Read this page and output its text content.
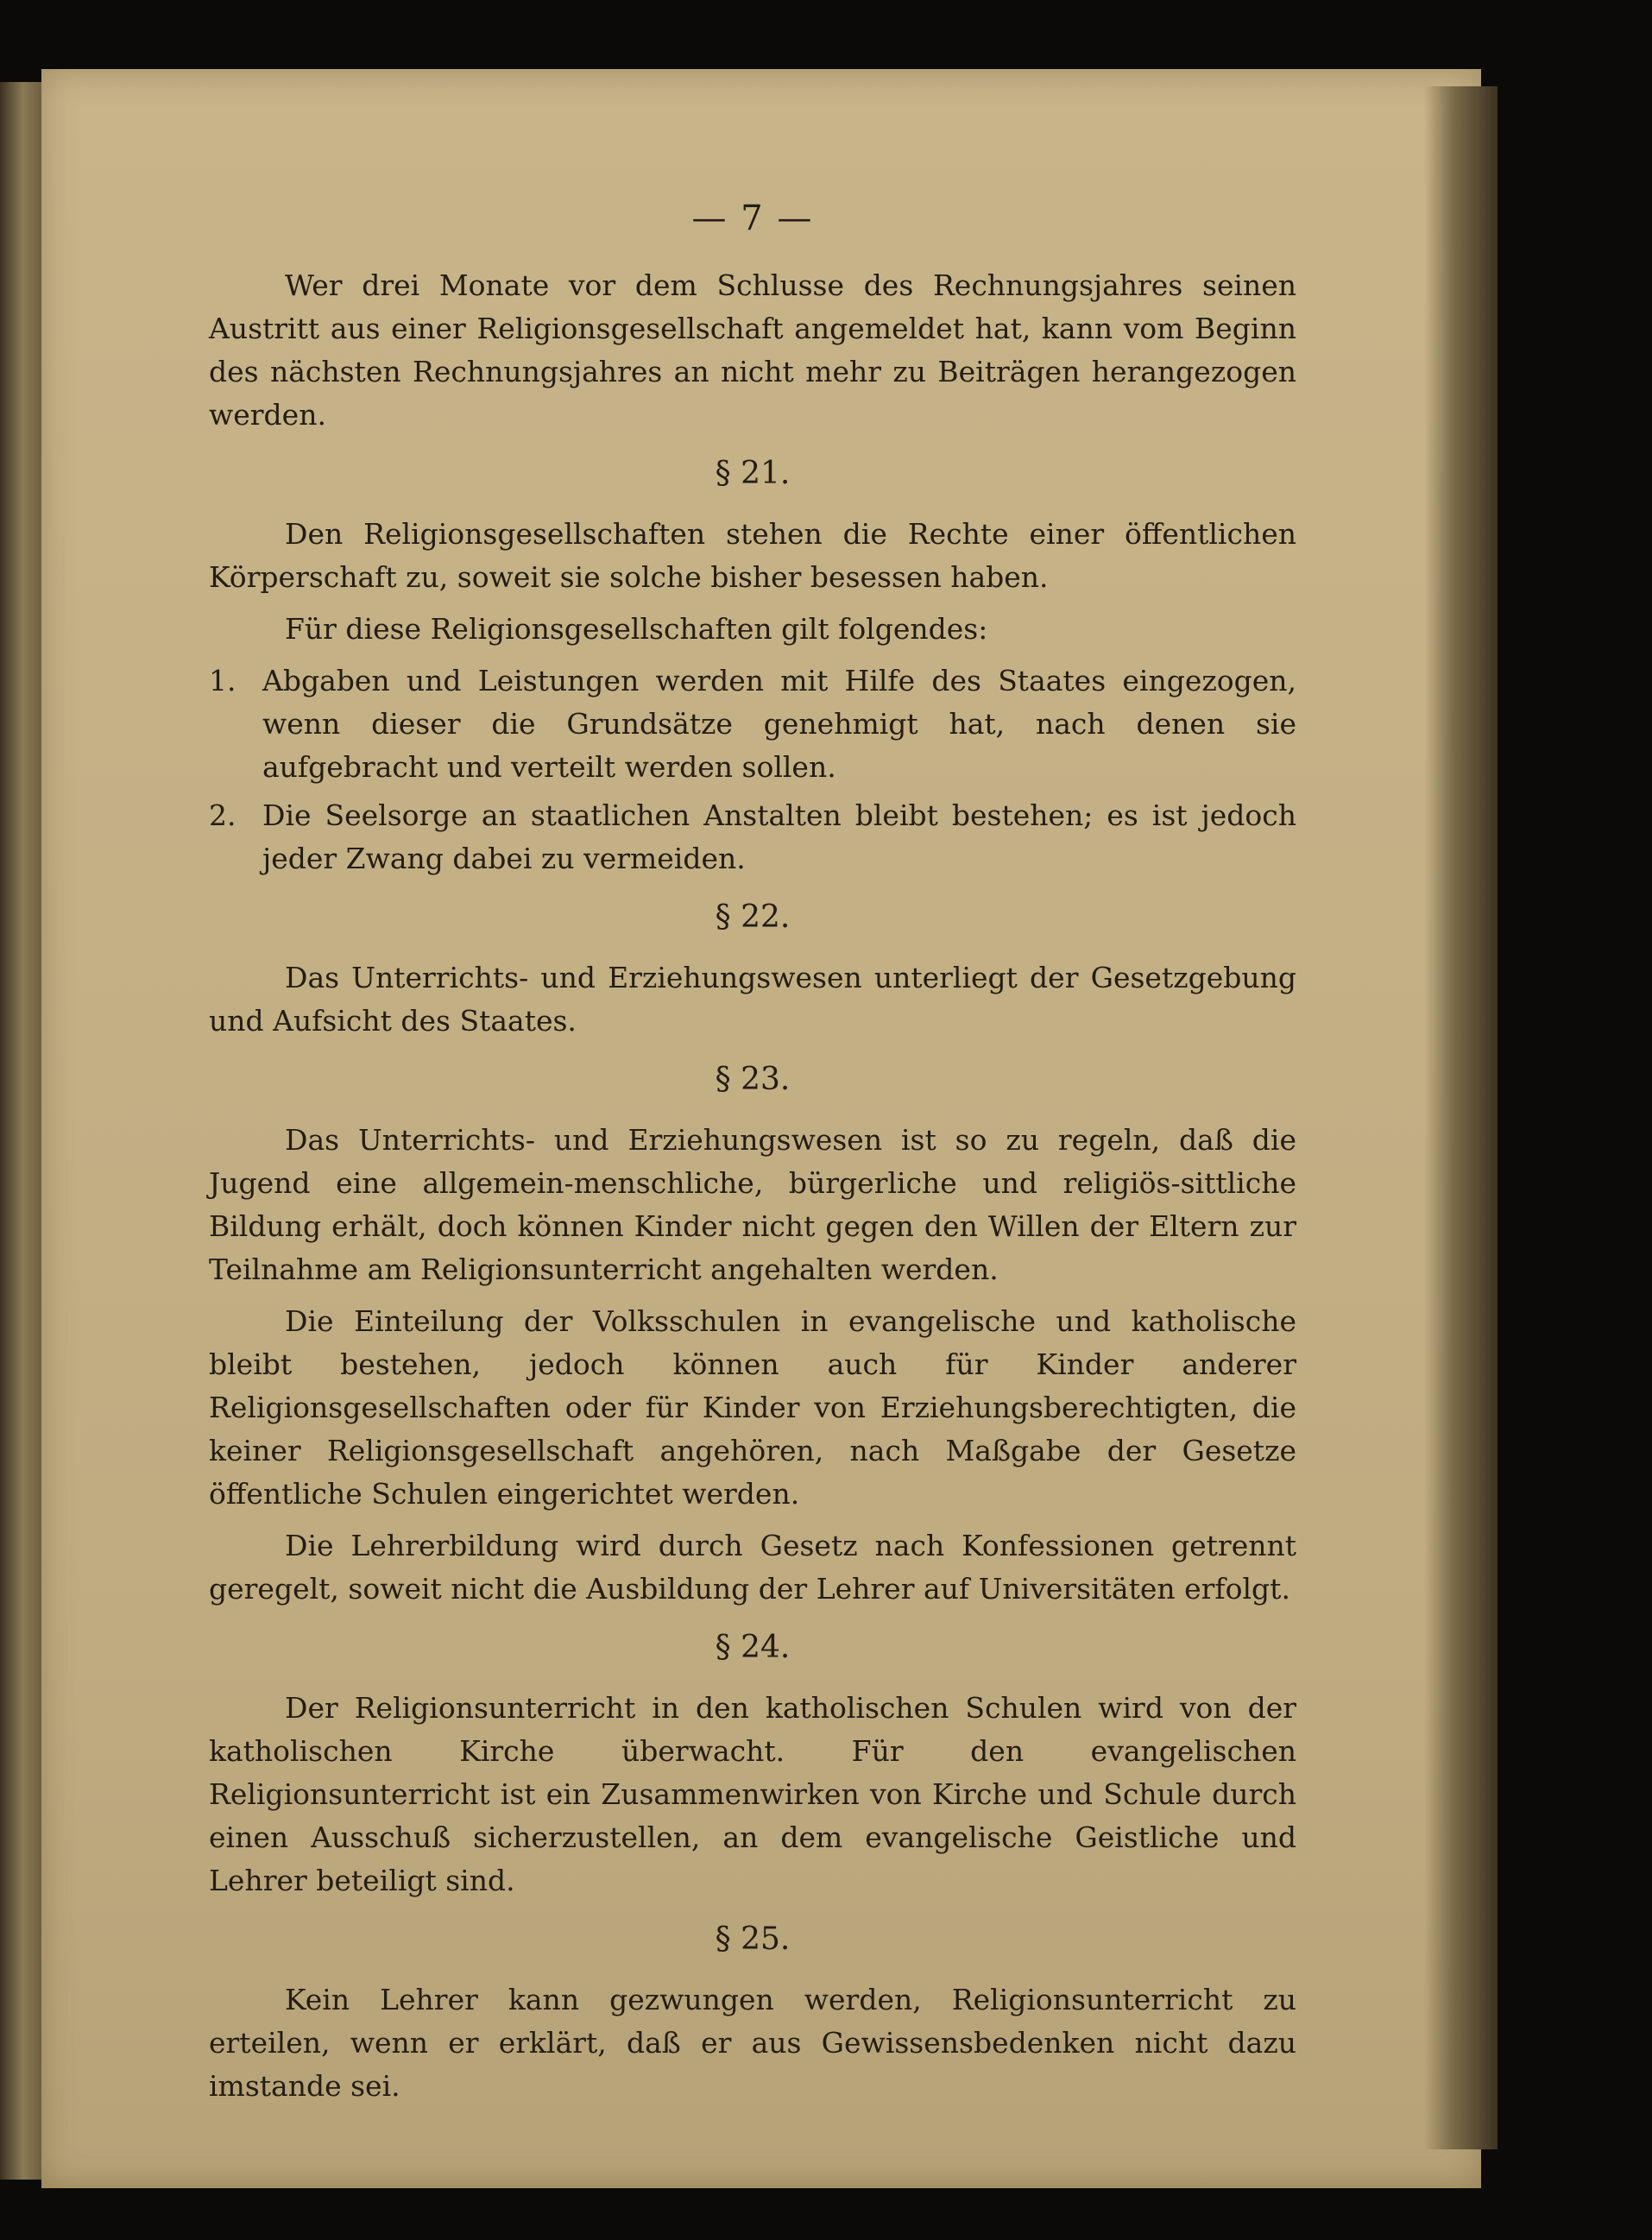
— 7 —

Wer drei Monate vor dem Schlusse des Rechnungsjahres seinen Austritt aus einer Religionsgesellschaft angemeldet hat, kann vom Beginn des nächsten Rechnungsjahres an nicht mehr zu Beiträgen herangezogen werden.

§ 21.

Den Religionsgesellschaften stehen die Rechte einer öffentlichen Körperschaft zu, soweit sie solche bisher besessen haben.

Für diese Religionsgesellschaften gilt folgendes:

1. Abgaben und Leistungen werden mit Hilfe des Staates eingezogen, wenn dieser die Grundsätze genehmigt hat, nach denen sie aufgebracht und verteilt werden sollen.
2. Die Seelsorge an staatlichen Anstalten bleibt bestehen; es ist jedoch jeder Zwang dabei zu vermeiden.
§ 22.

Das Unterrichts- und Erziehungswesen unterliegt der Gesetzgebung und Aufsicht des Staates.

§ 23.

Das Unterrichts- und Erziehungswesen ist so zu regeln, daß die Jugend eine allgemein-menschliche, bürgerliche und religiös-sittliche Bildung erhält, doch können Kinder nicht gegen den Willen der Eltern zur Teilnahme am Religionsunterricht angehalten werden.

Die Einteilung der Volksschulen in evangelische und katholische bleibt bestehen, jedoch können auch für Kinder anderer Religionsgesellschaften oder für Kinder von Erziehungsberechtigten, die keiner Religionsgesellschaft angehören, nach Maßgabe der Gesetze öffentliche Schulen eingerichtet werden.

Die Lehrerbildung wird durch Gesetz nach Konfessionen getrennt geregelt, soweit nicht die Ausbildung der Lehrer auf Universitäten erfolgt.

§ 24.

Der Religionsunterricht in den katholischen Schulen wird von der katholischen Kirche überwacht. Für den evangelischen Religionsunterricht ist ein Zusammenwirken von Kirche und Schule durch einen Ausschuß sicherzustellen, an dem evangelische Geistliche und Lehrer beteiligt sind.

§ 25.

Kein Lehrer kann gezwungen werden, Religionsunterricht zu erteilen, wenn er erklärt, daß er aus Gewissensbedenken nicht dazu imstande sei.
